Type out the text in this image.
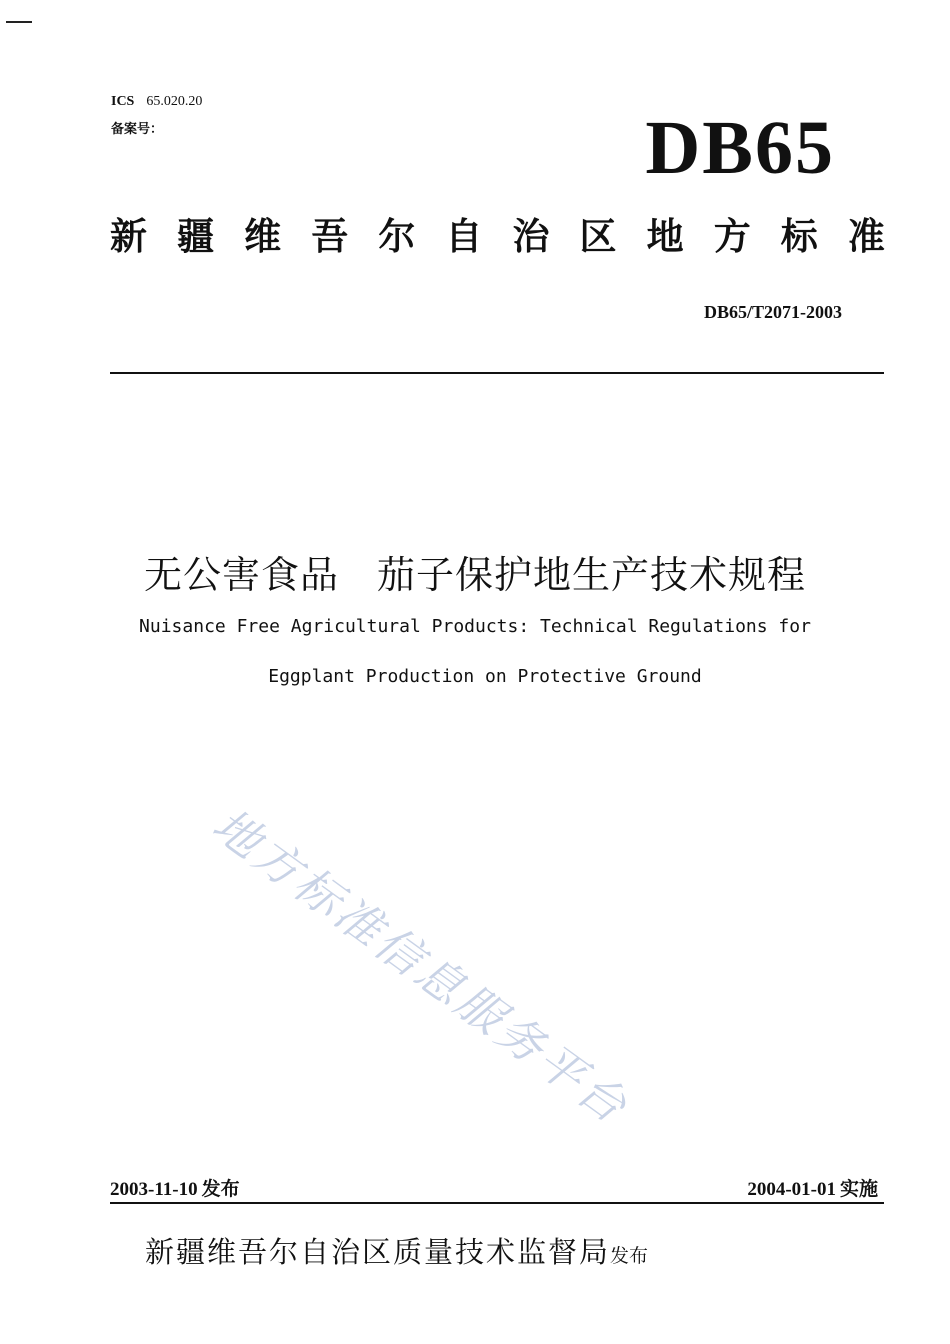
ICS 65.020.20
备案号：	DB65
新 疆 维 吾 尔 自 治 区 地 方 标 准
DB65/T2071-2003
无公害食品 茄子保护地生产技术规程
Nuisance Free Agricultural Products: Technical Regulations for
Eggplant Production on Protective Ground
地方标准信息服务平台
2003-11-10 发布	2004-01-01 实施
新疆维吾尔自治区质量技术监督局发布
